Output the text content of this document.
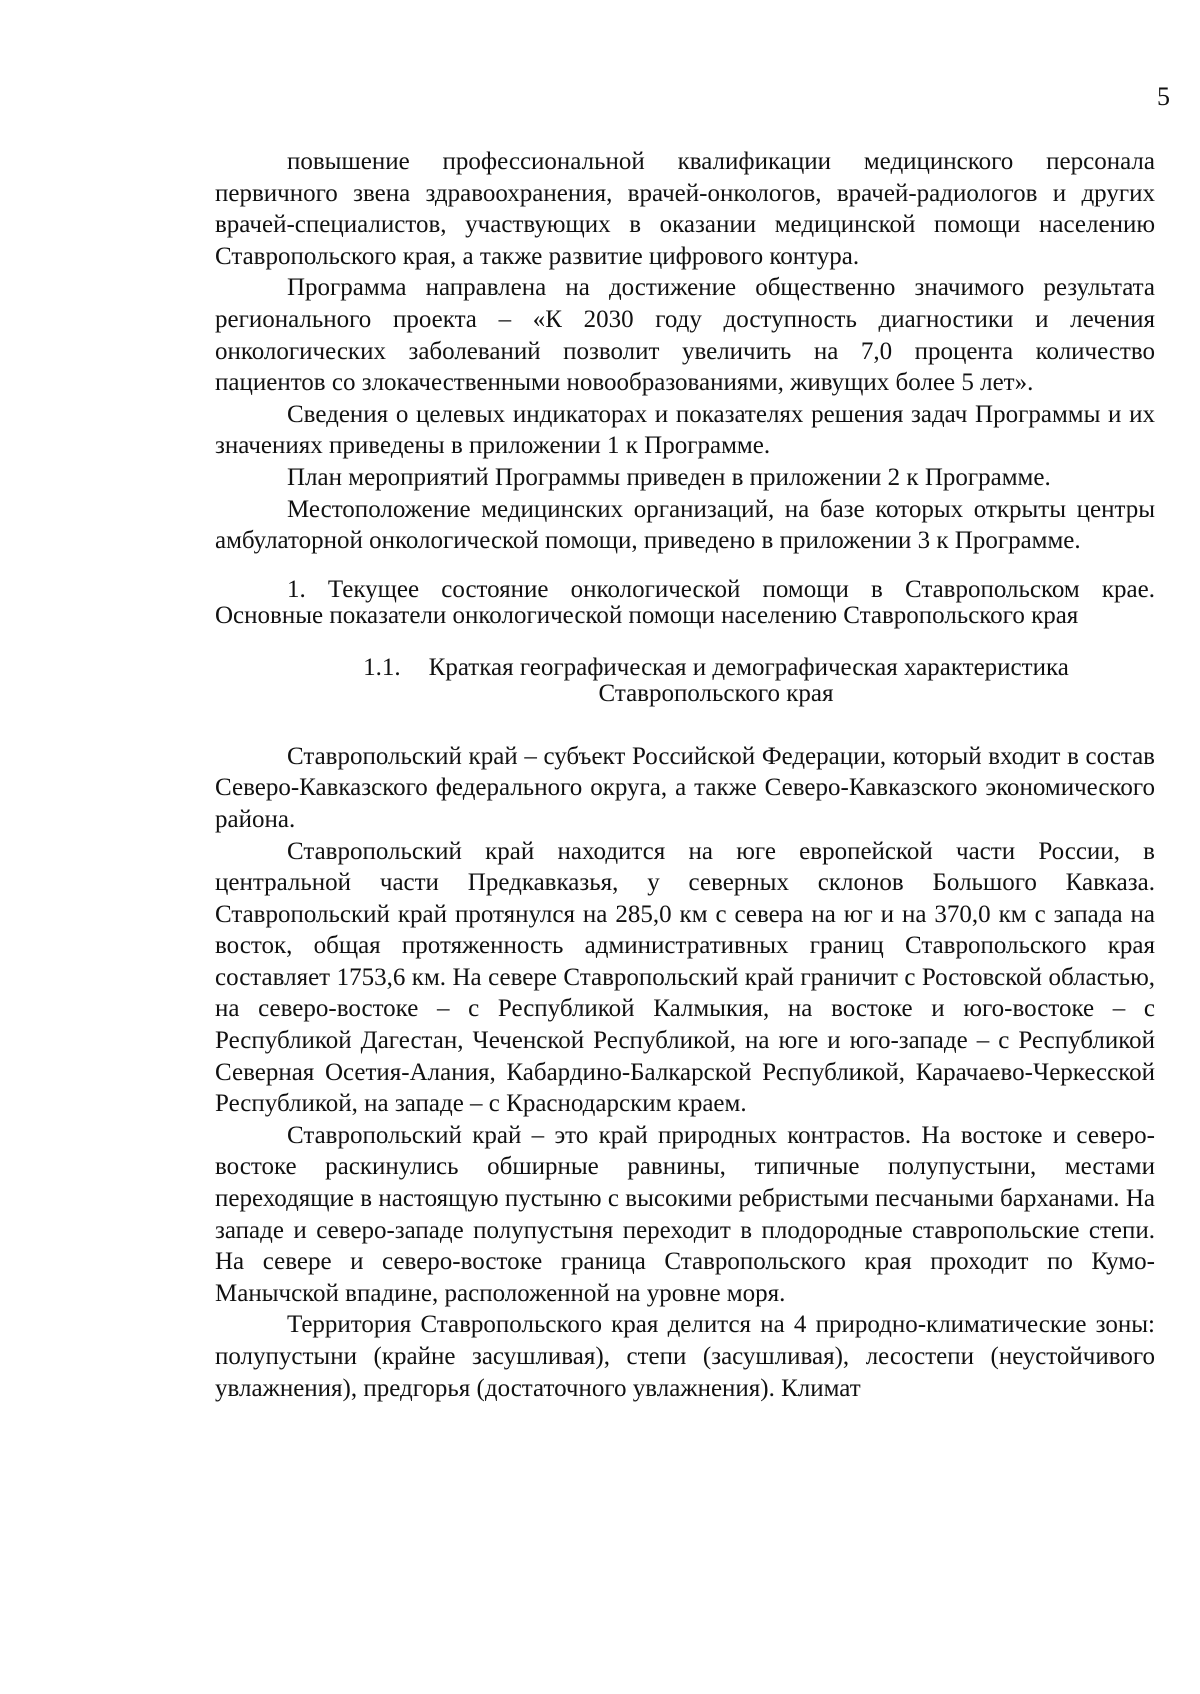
5

повышение профессиональной квалификации медицинского персонала первичного звена здравоохранения, врачей-онкологов, врачей-радиологов и других врачей-специалистов, участвующих в оказании медицинской помощи населению Ставропольского края, а также развитие цифрового контура.

Программа направлена на достижение общественно значимого результата регионального проекта – «К 2030 году доступность диагностики и лечения онкологических заболеваний позволит увеличить на 7,0 процента количество пациентов со злокачественными новообразованиями, живущих более 5 лет».

Сведения о целевых индикаторах и показателях решения задач Программы и их значениях приведены в приложении 1 к Программе.

План мероприятий Программы приведен в приложении 2 к Программе.

Местоположение медицинских организаций, на базе которых открыты центры амбулаторной онкологической помощи, приведено в приложении 3 к Программе.

1. Текущее состояние онкологической помощи в Ставропольском крае. Основные показатели онкологической помощи населению Ставропольского края

1.1. Краткая географическая и демографическая характеристика
Ставропольского края

Ставропольский край – субъект Российской Федерации, который входит в состав Северо-Кавказского федерального округа, а также Северо-Кавказского экономического района.

Ставропольский край находится на юге европейской части России, в центральной части Предкавказья, у северных склонов Большого Кавказа. Ставропольский край протянулся на 285,0 км с севера на юг и на 370,0 км с запада на восток, общая протяженность административных границ Ставропольского края составляет 1753,6 км. На севере Ставропольский край граничит с Ростовской областью, на северо-востоке – с Республикой Калмыкия, на востоке и юго-востоке – с Республикой Дагестан, Чеченской Республикой, на юге и юго-западе – с Республикой Северная Осетия-Алания, Кабардино-Балкарской Республикой, Карачаево-Черкесской Республикой, на западе – с Краснодарским краем.

Ставропольский край – это край природных контрастов. На востоке и северо-востоке раскинулись обширные равнины, типичные полупустыни, местами переходящие в настоящую пустыню с высокими ребристыми песчаными барханами. На западе и северо-западе полупустыня переходит в плодородные ставропольские степи. На севере и северо-востоке граница Ставропольского края проходит по Кумо-Манычской впадине, расположенной на уровне моря.

Территория Ставропольского края делится на 4 природно-климатические зоны: полупустыни (крайне засушливая), степи (засушливая), лесостепи (неустойчивого увлажнения), предгорья (достаточного увлажнения). Климат
